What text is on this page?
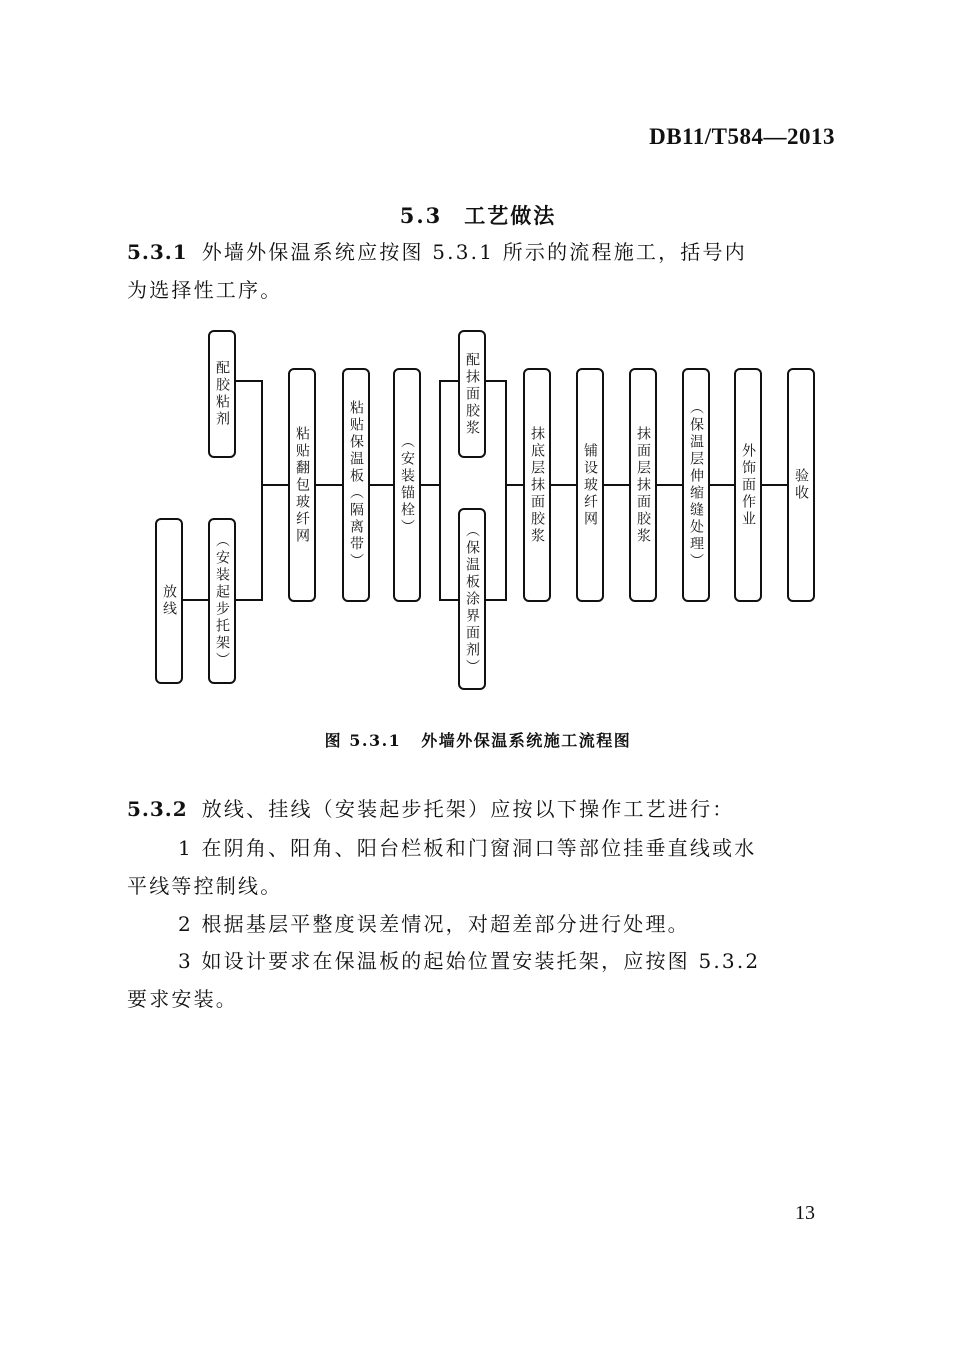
DB11/T584—2013
5.3 工艺做法
5.3.1 外墙外保温系统应按图 5.3.1 所示的流程施工，括号内
为选择性工序。
配胶粘剂
放线	（安装起步托架）
粘贴翻包玻纤网	粘贴保温板（隔离带）	（安装锚栓）
配抹面胶浆
（保温板涂界面剂）
抹底层抹面胶浆	铺设玻纤网	抹面层抹面胶浆	（保温层伸缩缝处理）	外饰面作业	验收
图 5.3.1 外墙外保温系统施工流程图
5.3.2 放线、挂线（安装起步托架）应按以下操作工艺进行：
1 在阴角、阳角、阳台栏板和门窗洞口等部位挂垂直线或水
平线等控制线。
2 根据基层平整度误差情况，对超差部分进行处理。
3 如设计要求在保温板的起始位置安装托架，应按图 5.3.2
要求安装。
13
